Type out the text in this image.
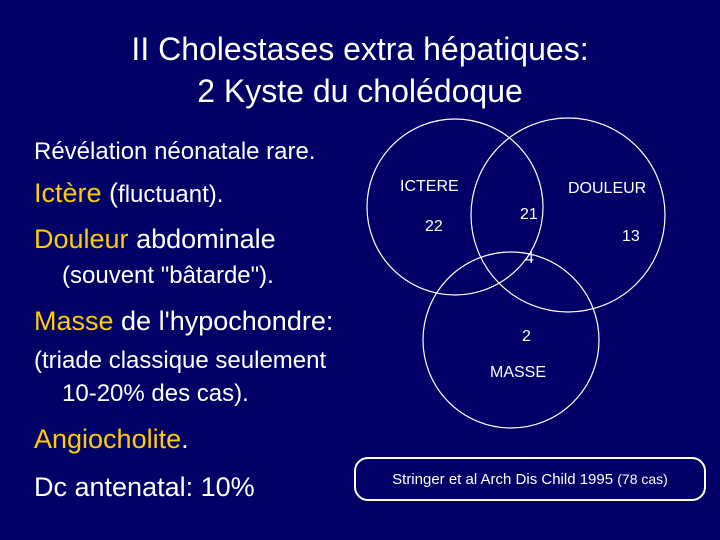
II Cholestases extra hépatiques:
2 Kyste du cholédoque
Révélation néonatale rare.
Ictère (fluctuant).
Douleur abdominale
(souvent "bâtarde").
Masse de l'hypochondre:
(triade classique seulement
10-20% des cas).
Angiocholite.
Dc antenatal: 10%
ICTERE	DOULEUR
MASSE
22
21
13
4
2
Stringer et al Arch Dis Child 1995 (78 cas)
